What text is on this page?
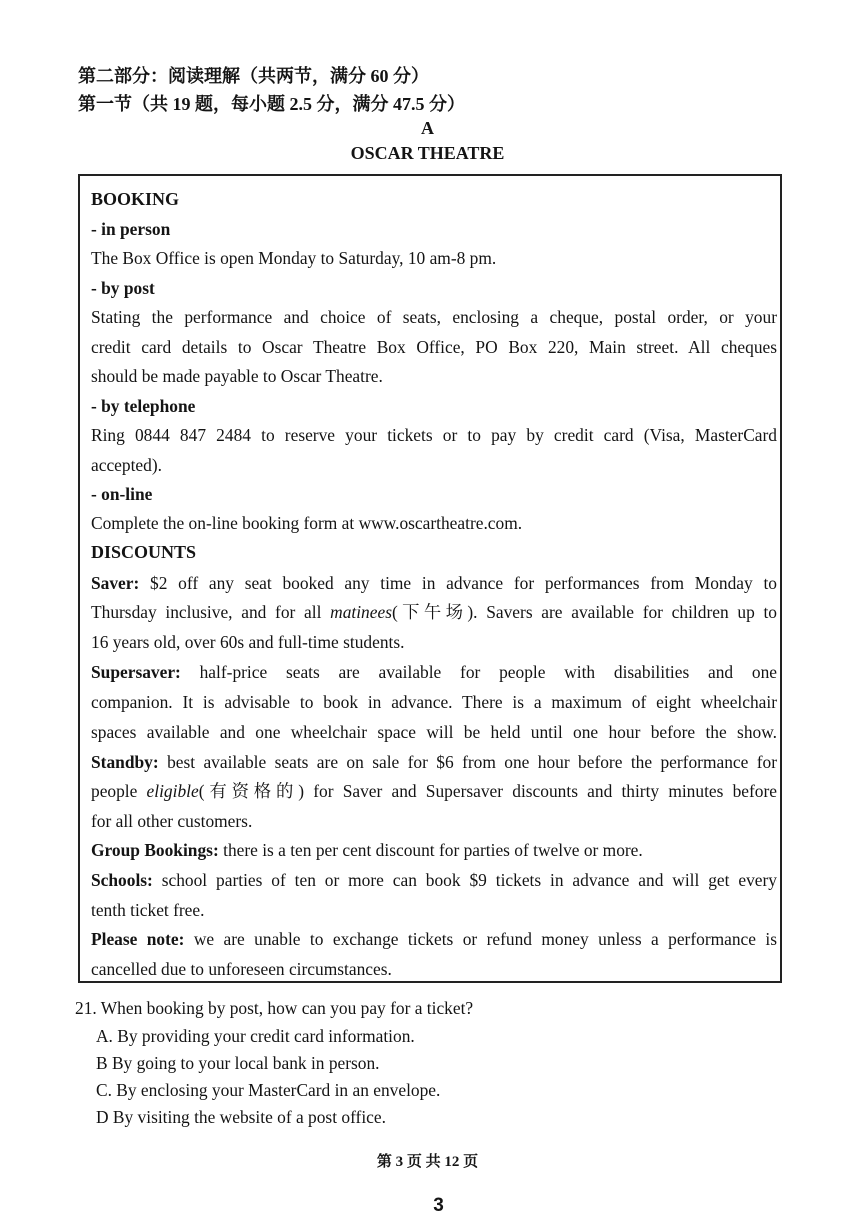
第二部分：阅读理解（共两节，满分 60 分）
第一节（共 19 题，每小题 2.5 分，满分 47.5 分）
A
OSCAR THEATRE
BOOKING
- in person
The Box Office is open Monday to Saturday, 10 am-8 pm.
- by post
Stating the performance and choice of seats, enclosing a cheque, postal order, or your
credit card details to Oscar Theatre Box Office, PO Box 220, Main street. All cheques
should be made payable to Oscar Theatre.
- by telephone
Ring 0844 847 2484 to reserve your tickets or to pay by credit card (Visa, MasterCard
accepted).
- on-line
Complete the on-line booking form at www.oscartheatre.com.
DISCOUNTS
Saver: $2 off any seat booked any time in advance for performances from Monday to
Thursday inclusive, and for all matinees(下午场). Savers are available for children up to
16 years old, over 60s and full-time students.
Supersaver: half-price seats are available for people with disabilities and one
companion. It is advisable to book in advance. There is a maximum of eight wheelchair
spaces available and one wheelchair space will be held until one hour before the show.
Standby: best available seats are on sale for $6 from one hour before the performance for
people eligible(有资格的) for Saver and Supersaver discounts and thirty minutes before
for all other customers.
Group Bookings: there is a ten per cent discount for parties of twelve or more.
Schools: school parties of ten or more can book $9 tickets in advance and will get every
tenth ticket free.
Please note: we are unable to exchange tickets or refund money unless a performance is
cancelled due to unforeseen circumstances.
21. When booking by post, how can you pay for a ticket?
A. By providing your credit card information.
B By going to your local bank in person.
C. By enclosing your MasterCard in an envelope.
D By visiting the website of a post office.
第 3 页 共 12 页
3
